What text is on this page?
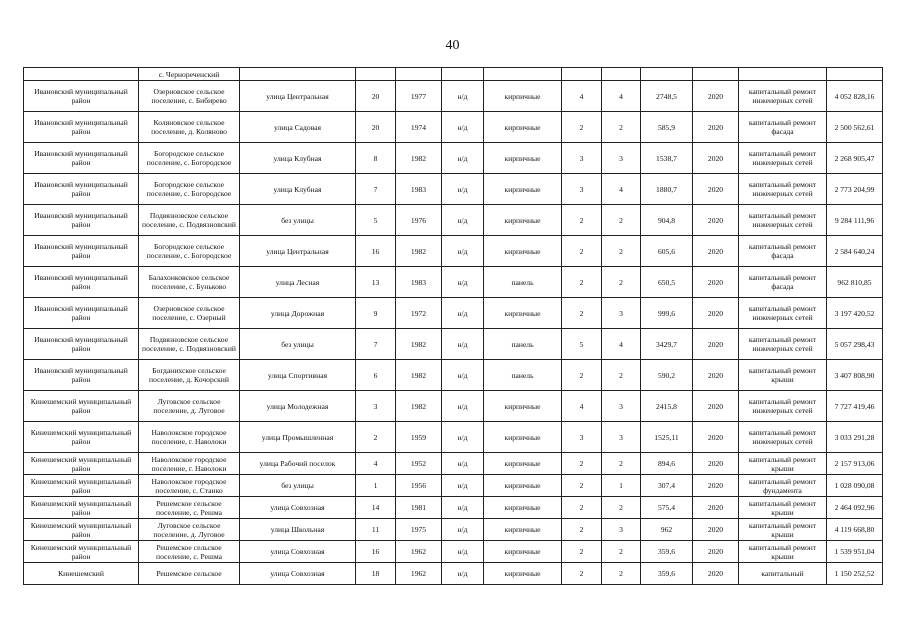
40
	с. Чернореченский											
Ивановский муниципальный район	Озерновское сельское поселение, с. Бибирево	улица Центральная	20	1977	н/д	кирпичные	4	4	2748,5	2020	капитальный ремонт инженерных сетей	4 052 828,16
Ивановский муниципальный район	Коляновское сельское поселение, д. Коляново	улица Садовая	20	1974	н/д	кирпичные	2	2	585,9	2020	капитальный ремонт фасада	2 500 562,61
Ивановский муниципальный район	Богородское сельское поселение, с. Богородское	улица Клубная	8	1982	н/д	кирпичные	3	3	1538,7	2020	капитальный ремонт инженерных сетей	2 268 905,47
Ивановский муниципальный район	Богородское сельское поселение, с. Богородское	улица Клубная	7	1983	н/д	кирпичные	3	4	1880,7	2020	капитальный ремонт инженерных сетей	2 773 204,99
Ивановский муниципальный район	Подвязновское сельское поселение, с. Подвязновский	без улицы	5	1976	н/д	кирпичные	2	2	904,8	2020	капитальный ремонт инженерных сетей	9 284 111,96
Ивановский муниципальный район	Богородское сельское поселение, с. Богородское	улица Центральная	16	1982	н/д	кирпичные	2	2	605,6	2020	капитальный ремонт фасада	2 584 640,24
Ивановский муниципальный район	Балахонковское сельское поселение, с. Буньково	улица Лесная	13	1983	н/д	панель	2	2	650,5	2020	капитальный ремонт фасада	962 810,85
Ивановский муниципальный район	Озерновское сельское поселение, с. Озерный	улица Дорожная	9	1972	н/д	кирпичные	2	3	999,6	2020	капитальный ремонт инженерных сетей	3 197 420,52
Ивановский муниципальный район	Подвязновское сельское поселение, с. Подвязновский	без улицы	7	1982	н/д	панель	5	4	3429,7	2020	капитальный ремонт инженерных сетей	5 057 298,43
Ивановский муниципальный район	Богданихское сельское поселение, д. Кочорский	улица Спортивная	6	1982	н/д	панель	2	2	590,2	2020	капитальный ремонт крыши	3 407 808,90
Кинешемский муниципальный район	Луговское сельское поселение, д. Луговое	улица Молодежная	3	1982	н/д	кирпичные	4	3	2415,8	2020	капитальный ремонт инженерных сетей	7 727 419,46
Кинешемский муниципальный район	Наволокское городское поселение, г. Наволоки	улица Промышленная	2	1959	н/д	кирпичные	3	3	1525,11	2020	капитальный ремонт инженерных сетей	3 033 291,28
Кинешемский муниципальный район	Наволокское городское поселение, г. Наволоки	улица Рабочий поселок	4	1952	н/д	кирпичные	2	2	894,6	2020	капитальный ремонт крыши	2 157 913,06
Кинешемский муниципальный район	Наволокское городское поселение, с. Станко	без улицы	1	1956	н/д	кирпичные	2	1	307,4	2020	капитальный ремонт фундамента	1 028 090,08
Кинешемский муниципальный район	Решемское сельское поселение, с. Решма	улица Совхозная	14	1981	н/д	кирпичные	2	2	575,4	2020	капитальный ремонт крыши	2 464 092,96
Кинешемский муниципальный район	Луговское сельское поселение, д. Луговое	улица Школьная	11	1975	н/д	кирпичные	2	3	962	2020	капитальный ремонт крыши	4 119 668,80
Кинешемский муниципальный район	Решемское сельское поселение, с. Решма	улица Совхозная	16	1962	н/д	кирпичные	2	2	359,6	2020	капитальный ремонт крыши	1 539 951,04
Кинешемский	Решемское сельское	улица Совхозная	18	1962	н/д	кирпичные	2	2	359,6	2020	капитальный	1 150 252,52
